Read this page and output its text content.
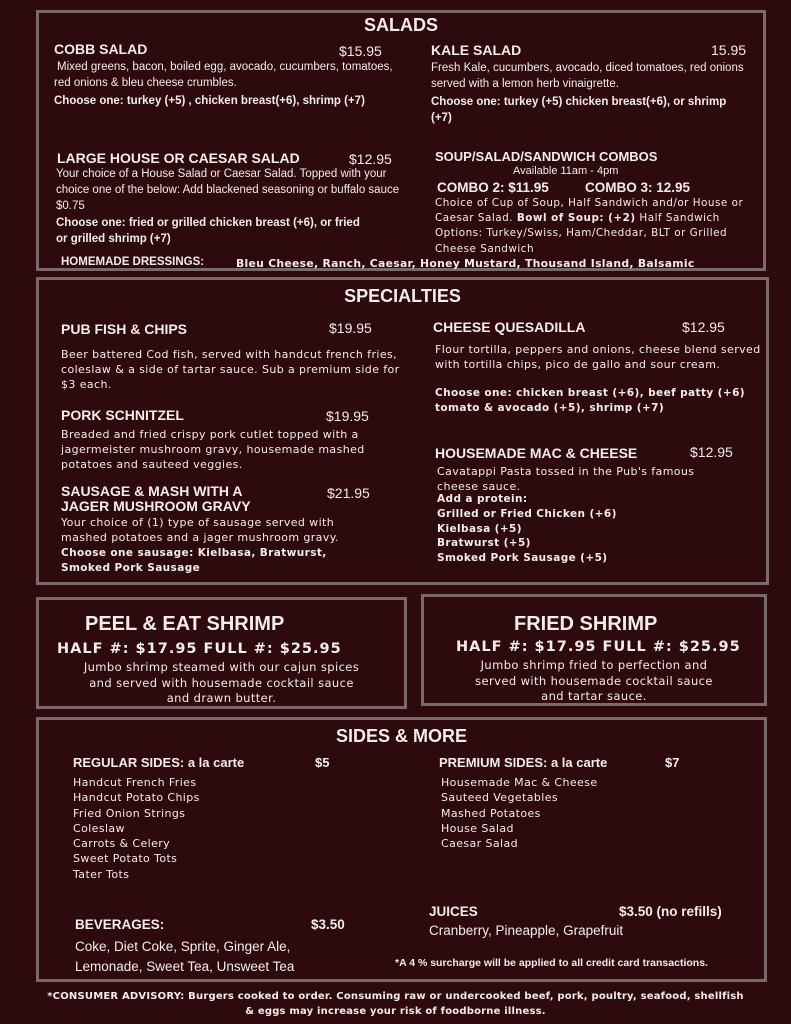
SALADS
COBB SALAD	$15.95
Mixed greens, bacon, boiled egg, avocado, cucumbers, tomatoes, red onions & bleu cheese crumbles.
Choose one: turkey (+5) , chicken breast(+6), shrimp (+7)
KALE SALAD	15.95
Fresh Kale, cucumbers, avocado, diced tomatoes, red onions served with a lemon herb vinaigrette.
Choose one: turkey (+5) chicken breast(+6), or shrimp (+7)
LARGE HOUSE OR CAESAR SALAD	$12.95
Your choice of a House Salad or Caesar Salad. Topped with your choice one of the below: Add blackened seasoning or buffalo sauce $0.75
Choose one: fried or grilled chicken breast (+6), or fried or grilled shrimp (+7)
SOUP/SALAD/SANDWICH COMBOS
Available 11am - 4pm
COMBO 2: $11.95	COMBO 3: 12.95
Choice of Cup of Soup, Half Sandwich and/or House or Caesar Salad. Bowl of Soup: (+2) Half Sandwich Options: Turkey/Swiss, Ham/Cheddar, BLT or Grilled Cheese Sandwich
HOMEMADE DRESSINGS:	Bleu Cheese, Ranch, Caesar, Honey Mustard, Thousand Island, Balsamic
SPECIALTIES
PUB FISH & CHIPS	$19.95
Beer battered Cod fish, served with handcut french fries, coleslaw & a side of tartar sauce. Sub a premium side for $3 each.
PORK SCHNITZEL	$19.95
Breaded and fried crispy pork cutlet topped with a jagermeister mushroom gravy, housemade mashed potatoes and sauteed veggies.
SAUSAGE & MASH WITH A
JAGER MUSHROOM GRAVY
$21.95
Your choice of (1) type of sausage served with mashed potatoes and a jager mushroom gravy.
Choose one sausage: Kielbasa, Bratwurst,
Smoked Pork Sausage
CHEESE QUESADILLA	$12.95
Flour tortilla, peppers and onions, cheese blend served with tortilla chips, pico de gallo and sour cream.
Choose one: chicken breast (+6), beef patty (+6)
tomato & avocado (+5), shrimp (+7)
HOUSEMADE MAC & CHEESE	$12.95
Cavatappi Pasta tossed in the Pub's famous cheese sauce.
Add a protein:
Grilled or Fried Chicken (+6)
Kielbasa (+5)
Bratwurst (+5)
Smoked Pork Sausage (+5)
PEEL & EAT SHRIMP
HALF #: $17.95 FULL #: $25.95
Jumbo shrimp steamed with our cajun spices
and served with housemade cocktail sauce
and drawn butter.
FRIED SHRIMP
HALF #: $17.95 FULL #: $25.95
Jumbo shrimp fried to perfection and
served with housemade cocktail sauce
and tartar sauce.
SIDES & MORE
REGULAR SIDES: a la carte	$5
Handcut French Fries
Handcut Potato Chips
Fried Onion Strings
Coleslaw
Carrots & Celery
Sweet Potato Tots
Tater Tots
PREMIUM SIDES: a la carte	$7
Housemade Mac & Cheese
Sauteed Vegetables
Mashed Potatoes
House Salad
Caesar Salad
BEVERAGES:	$3.50
Coke, Diet Coke, Sprite, Ginger Ale,
Lemonade, Sweet Tea, Unsweet Tea
JUICES	$3.50 (no refills)
Cranberry, Pineapple, Grapefruit
*A 4 % surcharge will be applied to all credit card transactions.
*CONSUMER ADVISORY: Burgers cooked to order. Consuming raw or undercooked beef, pork, poultry, seafood, shellfish
& eggs may increase your risk of foodborne illness.
